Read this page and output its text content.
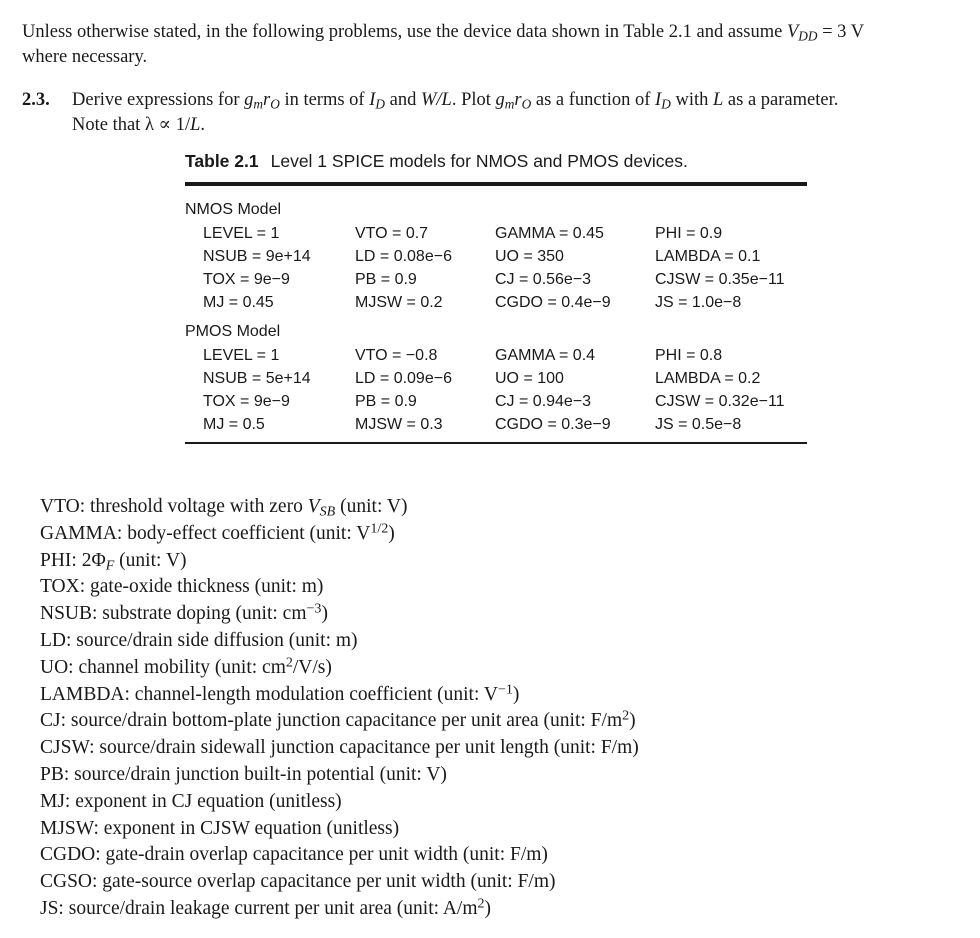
Unless otherwise stated, in the following problems, use the device data shown in Table 2.1 and assume $V_{DD} = 3$ V
where necessary.
2.3. Derive expressions for $g_mr_O$ in terms of $I_D$ and W/L. Plot $g_mr_O$ as a function of $I_D$ with L as a parameter.
Note that λ ∝ 1/L.
Table 2.1 Level 1 SPICE models for NMOS and PMOS devices.
NMOS Model
LEVEL = 1	VTO = 0.7	GAMMA = 0.45	PHI = 0.9
NSUB = 9e+14	LD = 0.08e−6	UO = 350	LAMBDA = 0.1
TOX = 9e−9	PB = 0.9	CJ = 0.56e−3	CJSW = 0.35e−11
MJ = 0.45	MJSW = 0.2	CGDO = 0.4e−9	JS = 1.0e−8
PMOS Model
LEVEL = 1	VTO = −0.8	GAMMA = 0.4	PHI = 0.8
NSUB = 5e+14	LD = 0.09e−6	UO = 100	LAMBDA = 0.2
TOX = 9e−9	PB = 0.9	CJ = 0.94e−3	CJSW = 0.32e−11
MJ = 0.5	MJSW = 0.3	CGDO = 0.3e−9	JS = 0.5e−8
VTO: threshold voltage with zero $V_{SB}$ (unit: V)
GAMMA: body-effect coefficient (unit: $V^{1/2}$)
PHI: $2\Phi_F$ (unit: V)
TOX: gate-oxide thickness (unit: m)
NSUB: substrate doping (unit: $cm^{-3}$)
LD: source/drain side diffusion (unit: m)
UO: channel mobility (unit: $cm^2/V/s$)
LAMBDA: channel-length modulation coefficient (unit: $V^{-1}$)
CJ: source/drain bottom-plate junction capacitance per unit area (unit: $F/m^2$)
CJSW: source/drain sidewall junction capacitance per unit length (unit: F/m)
PB: source/drain junction built-in potential (unit: V)
MJ: exponent in CJ equation (unitless)
MJSW: exponent in CJSW equation (unitless)
CGDO: gate-drain overlap capacitance per unit width (unit: F/m)
CGSO: gate-source overlap capacitance per unit width (unit: F/m)
JS: source/drain leakage current per unit area (unit: $A/m^2$)
